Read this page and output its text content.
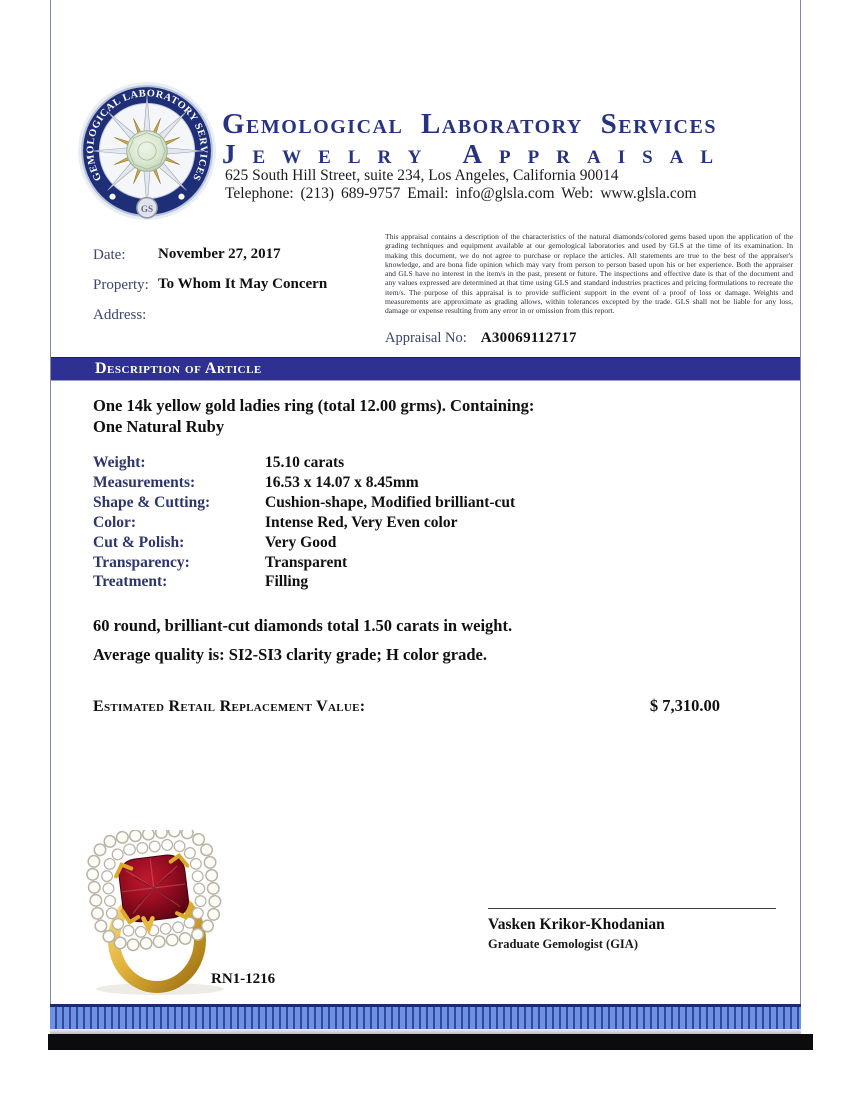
GEMOLOGICAL LABORATORY SERVICES
GS
Gemological Laboratory Services
Jewelry Appraisal
625 South Hill Street, suite 234, Los Angeles, California 90014
Telephone: (213) 689-9757 Email: info@glsla.com Web: www.glsla.com
Date: November 27, 2017
Property: To Whom It May Concern
Address:
This appraisal contains a description of the characteristics of the natural diamonds/colored gems based upon the application of the grading techniques and equipment available at our gemological laboratories and used by GLS at the time of its examination. In making this document, we do not agree to purchase or replace the articles. All statements are true to the best of the appraiser's knowledge, and are bona fide opinion which may vary from person to person based upon his or her experience. Both the appraiser and GLS have no interest in the item/s in the past, present or future. The inspections and effective date is that of the document and any values expressed are determined at that time using GLS and standard industries practices and pricing formulations to recreate the item/s. The purpose of this appraisal is to provide sufficient support in the event of a proof of loss or damage. Weights and measurements are approximate as grading allows, within tolerances excepted by the trade. GLS shall not be liable for any loss, damage or expense resulting from any error in or omission from this report.
Appraisal No: A30069112717
Description of Article
One 14k yellow gold ladies ring (total 12.00 grms). Containing:
One Natural Ruby
Weight:	15.10 carats
Measurements:	16.53 x 14.07 x 8.45mm
Shape & Cutting:	Cushion-shape, Modified brilliant-cut
Color:	Intense Red, Very Even color
Cut & Polish:	Very Good
Transparency:	Transparent
Treatment:	Filling
60 round, brilliant-cut diamonds total 1.50 carats in weight.
Average quality is: SI2-SI3 clarity grade; H color grade.
Estimated Retail Replacement Value:	$ 7,310.00
RN1-1216
Vasken Krikor-Khodanian
Graduate Gemologist (GIA)
